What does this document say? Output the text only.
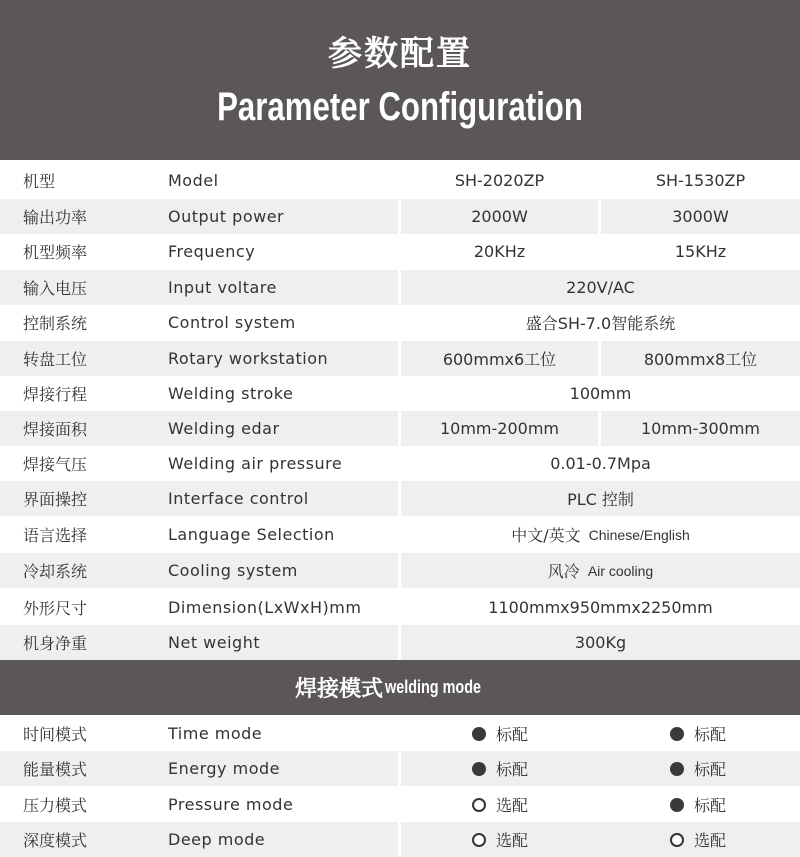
参数配置
Parameter Configuration
机型	Model	SH-2020ZP	SH-1530ZP
输出功率	Output power	2000W	3000W
机型频率	Frequency	20KHz	15KHz
输入电压	Input voltare	220V/AC
控制系统	Control system	盛合SH-7.0智能系统
转盘工位	Rotary workstation	600mmx6工位	800mmx8工位
焊接行程	Welding stroke	100mm
焊接面积	Welding edar	10mm-200mm	10mm-300mm
焊接气压	Welding air pressure	0.01-0.7Mpa
界面操控	Interface control	PLC 控制
语言选择	Language Selection	中文/英文 Chinese/English
冷却系统	Cooling system	风冷 Air cooling
外形尺寸	Dimension(LxWxH)mm	1100mmx950mmx2250mm
机身净重	Net weight	300Kg
焊接模式 welding mode
时间模式	Time mode	标配	标配
能量模式	Energy mode	标配	标配
压力模式	Pressure mode	选配	标配
深度模式	Deep mode	选配	选配
